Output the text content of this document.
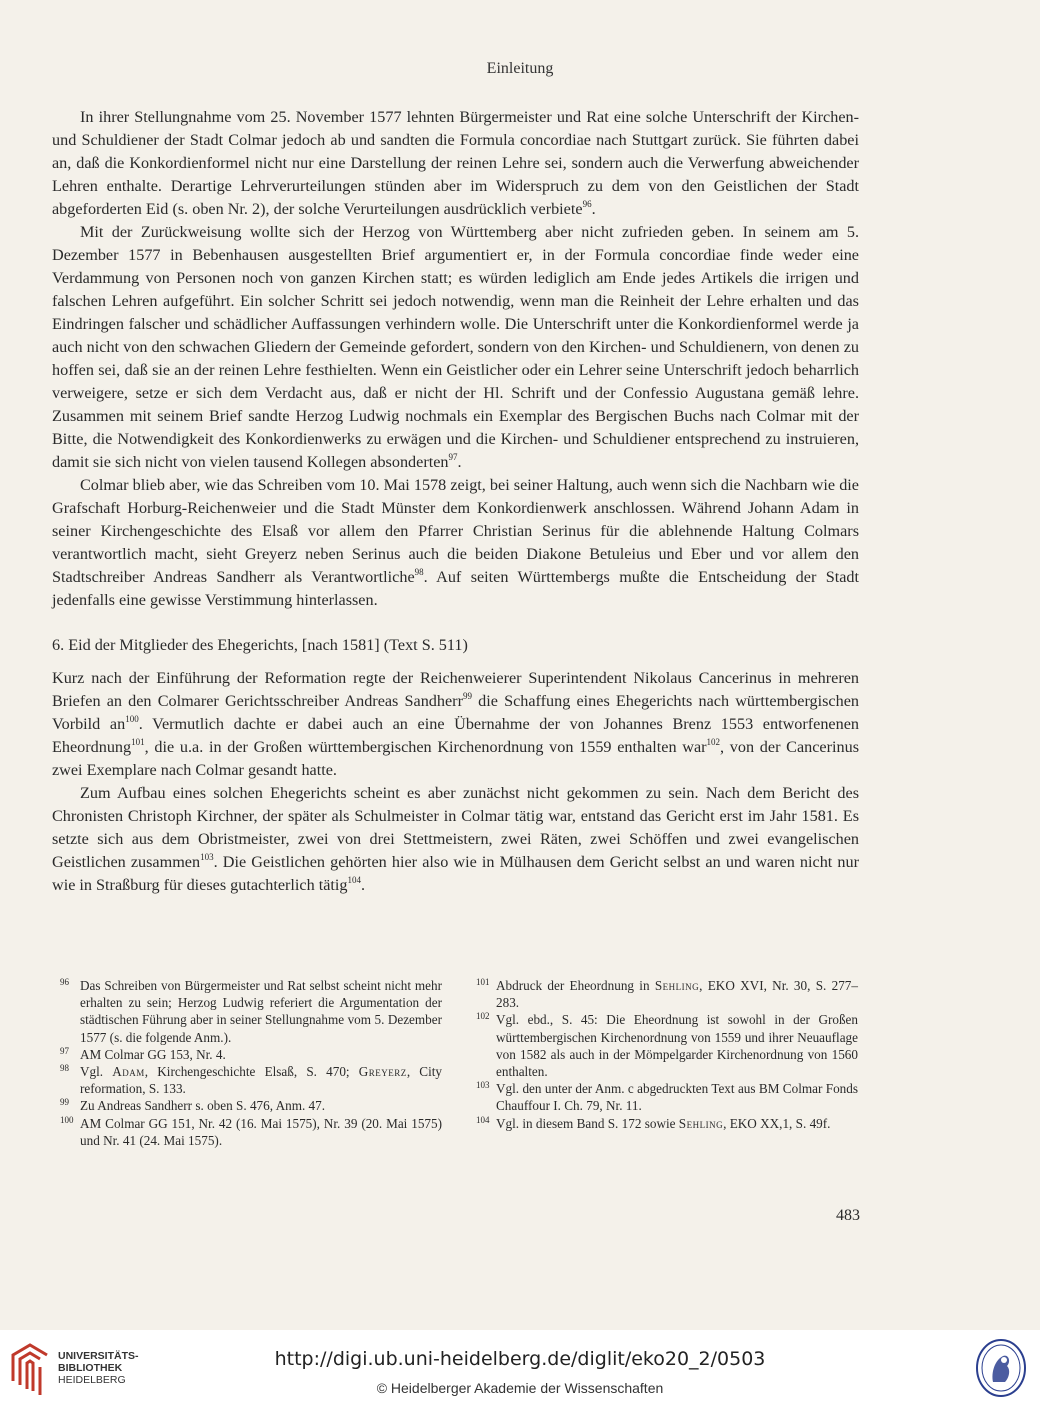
Einleitung

In ihrer Stellungnahme vom 25. November 1577 lehnten Bürgermeister und Rat eine solche Unterschrift der Kirchen- und Schuldiener der Stadt Colmar jedoch ab und sandten die Formula concordiae nach Stuttgart zurück. Sie führten dabei an, daß die Konkordienformel nicht nur eine Darstellung der reinen Lehre sei, sondern auch die Verwerfung abweichender Lehren enthalte. Derartige Lehrverurteilungen stünden aber im Widerspruch zu dem von den Geistlichen der Stadt abgeforderten Eid (s. oben Nr. 2), der solche Verurteilungen ausdrücklich verbiete$^{96}$.

Mit der Zurückweisung wollte sich der Herzog von Württemberg aber nicht zufrieden geben. In seinem am 5. Dezember 1577 in Bebenhausen ausgestellten Brief argumentiert er, in der Formula concordiae finde weder eine Verdammung von Personen noch von ganzen Kirchen statt; es würden lediglich am Ende jedes Artikels die irrigen und falschen Lehren aufgeführt. Ein solcher Schritt sei jedoch notwendig, wenn man die Reinheit der Lehre erhalten und das Eindringen falscher und schädlicher Auffassungen verhindern wolle. Die Unterschrift unter die Konkordienformel werde ja auch nicht von den schwachen Gliedern der Gemeinde gefordert, sondern von den Kirchen- und Schuldienern, von denen zu hoffen sei, daß sie an der reinen Lehre festhielten. Wenn ein Geistlicher oder ein Lehrer seine Unterschrift jedoch beharrlich verweigere, setze er sich dem Verdacht aus, daß er nicht der Hl. Schrift und der Confessio Augustana gemäß lehre. Zusammen mit seinem Brief sandte Herzog Ludwig nochmals ein Exemplar des Bergischen Buchs nach Colmar mit der Bitte, die Notwendigkeit des Konkordienwerks zu erwägen und die Kirchen- und Schuldiener entsprechend zu instruieren, damit sie sich nicht von vielen tausend Kollegen absonderten$^{97}$.

Colmar blieb aber, wie das Schreiben vom 10. Mai 1578 zeigt, bei seiner Haltung, auch wenn sich die Nachbarn wie die Grafschaft Horburg-Reichenweier und die Stadt Münster dem Konkordienwerk anschlossen. Während Johann Adam in seiner Kirchengeschichte des Elsaß vor allem den Pfarrer Christian Serinus für die ablehnende Haltung Colmars verantwortlich macht, sieht Greyerz neben Serinus auch die beiden Diakone Betuleius und Eber und vor allem den Stadtschreiber Andreas Sandherr als Verantwortliche$^{98}$. Auf seiten Württembergs mußte die Entscheidung der Stadt jedenfalls eine gewisse Verstimmung hinterlassen.

6. Eid der Mitglieder des Ehegerichts, [nach 1581] (Text S. 511)

Kurz nach der Einführung der Reformation regte der Reichenweierer Superintendent Nikolaus Cancerinus in mehreren Briefen an den Colmarer Gerichtsschreiber Andreas Sandherr$^{99}$ die Schaffung eines Ehegerichts nach württembergischen Vorbild $an^{100}$. Vermutlich dachte er dabei auch an eine Übernahme der von Johannes Brenz 1553 entworfenenen Eheordnung$^{101}$, die u.a. in der Großen württembergischen Kirchenordnung von 1559 enthalten war$^{102}$, von der Cancerinus zwei Exemplare nach Colmar gesandt hatte.

Zum Aufbau eines solchen Ehegerichts scheint es aber zunächst nicht gekommen zu sein. Nach dem Bericht des Chronisten Christoph Kirchner, der später als Schulmeister in Colmar tätig war, entstand das Gericht erst im Jahr 1581. Es setzte sich aus dem Obristmeister, zwei von drei Stettmeistern, zwei Räten, zwei Schöffen und zwei evangelischen Geistlichen zusammen$^{103}$. Die Geistlichen gehörten hier also wie in Mülhausen dem Gericht selbst an und waren nicht nur wie in Straßburg für dieses gutachterlich tätig$^{104}$.

96 Das Schreiben von Bürgermeister und Rat selbst scheint nicht mehr erhalten zu sein; Herzog Ludwig referiert die Argumentation der städtischen Führung aber in seiner Stellungnahme vom 5. Dezember 1577 (s. die folgende Anm.).
97 AM Colmar GG 153, Nr. 4.
98 Vgl. Adam, Kirchengeschichte Elsaß, S. 470; Greyerz, City reformation, S. 133.
99 Zu Andreas Sandherr s. oben S. 476, Anm. 47.
100 AM Colmar GG 151, Nr. 42 (16. Mai 1575), Nr. 39 (20. Mai 1575) und Nr. 41 (24. Mai 1575).
101 Abdruck der Eheordnung in Sehling, EKO XVI, Nr. 30, S. 277–283.
102 Vgl. ebd., S. 45: Die Eheordnung ist sowohl in der Großen württembergischen Kirchenordnung von 1559 und ihrer Neuauflage von 1582 als auch in der Mömpelgarder Kirchenordnung von 1560 enthalten.
103 Vgl. den unter der Anm. c abgedruckten Text aus BM Colmar Fonds Chauffour I. Ch. 79, Nr. 11.
104 Vgl. in diesem Band S. 172 sowie Sehling, EKO XX,1, S. 49f.
483
UNIVERSITÄTS-
BIBLIOTHEK
HEIDELBERG
http://digi.ub.uni-heidelberg.de/diglit/eko20_2/0503
© Heidelberger Akademie der Wissenschaften
